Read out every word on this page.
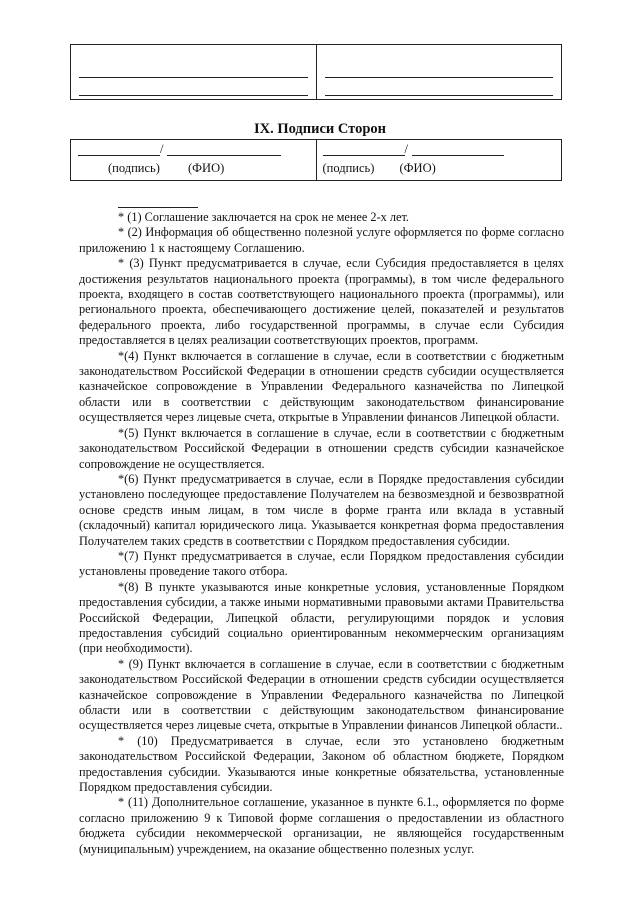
IX. Подписи Сторон
/
(подпись) (ФИО)

/
(подпись) (ФИО)

* (1) Соглашение заключается на срок не менее 2-х лет.

* (2) Информация об общественно полезной услуге оформляется по форме согласно приложению 1 к настоящему Соглашению.

* (3) Пункт предусматривается в случае, если Субсидия предоставляется в целях достижения результатов национального проекта (программы), в том числе федерального проекта, входящего в состав соответствующего национального проекта (программы), или регионального проекта, обеспечивающего достижение целей, показателей и результатов федерального проекта, либо государственной программы, в случае если Субсидия предоставляется в целях реализации соответствующих проектов, программ.

*(4) Пункт включается в соглашение в случае, если в соответствии с бюджетным законодательством Российской Федерации в отношении средств субсидии осуществляется казначейское сопровождение в Управлении Федерального казначейства по Липецкой области или в соответствии с действующим законодательством финансирование осуществляется через лицевые счета, открытые в Управлении финансов Липецкой области.

*(5) Пункт включается в соглашение в случае, если в соответствии с бюджетным законодательством Российской Федерации в отношении средств субсидии казначейское сопровождение не осуществляется.

*(6) Пункт предусматривается в случае, если в Порядке предоставления субсидии установлено последующее предоставление Получателем на безвозмездной и безвозвратной основе средств иным лицам, в том числе в форме гранта или вклада в уставный (складочный) капитал юридического лица. Указывается конкретная форма предоставления Получателем таких средств в соответствии с Порядком предоставления субсидии.

*(7) Пункт предусматривается в случае, если Порядком предоставления субсидии установлены проведение такого отбора.

*(8) В пункте указываются иные конкретные условия, установленные Порядком предоставления субсидии, а также иными нормативными правовыми актами Правительства Российской Федерации, Липецкой области, регулирующими порядок и условия предоставления субсидий социально ориентированным некоммерческим организациям (при необходимости).

* (9) Пункт включается в соглашение в случае, если в соответствии с бюджетным законодательством Российской Федерации в отношении средств субсидии осуществляется казначейское сопровождение в Управлении Федерального казначейства по Липецкой области или в соответствии с действующим законодательством финансирование осуществляется через лицевые счета, открытые в Управлении финансов Липецкой области..

* (10) Предусматривается в случае, если это установлено бюджетным законодательством Российской Федерации, Законом об областном бюджете, Порядком предоставления субсидии. Указываются иные конкретные обязательства, установленные Порядком предоставления субсидии.

* (11) Дополнительное соглашение, указанное в пункте 6.1., оформляется по форме согласно приложению 9 к Типовой форме соглашения о предоставлении из областного бюджета субсидии некоммерческой организации, не являющейся государственным (муниципальным) учреждением, на оказание общественно полезных услуг.
